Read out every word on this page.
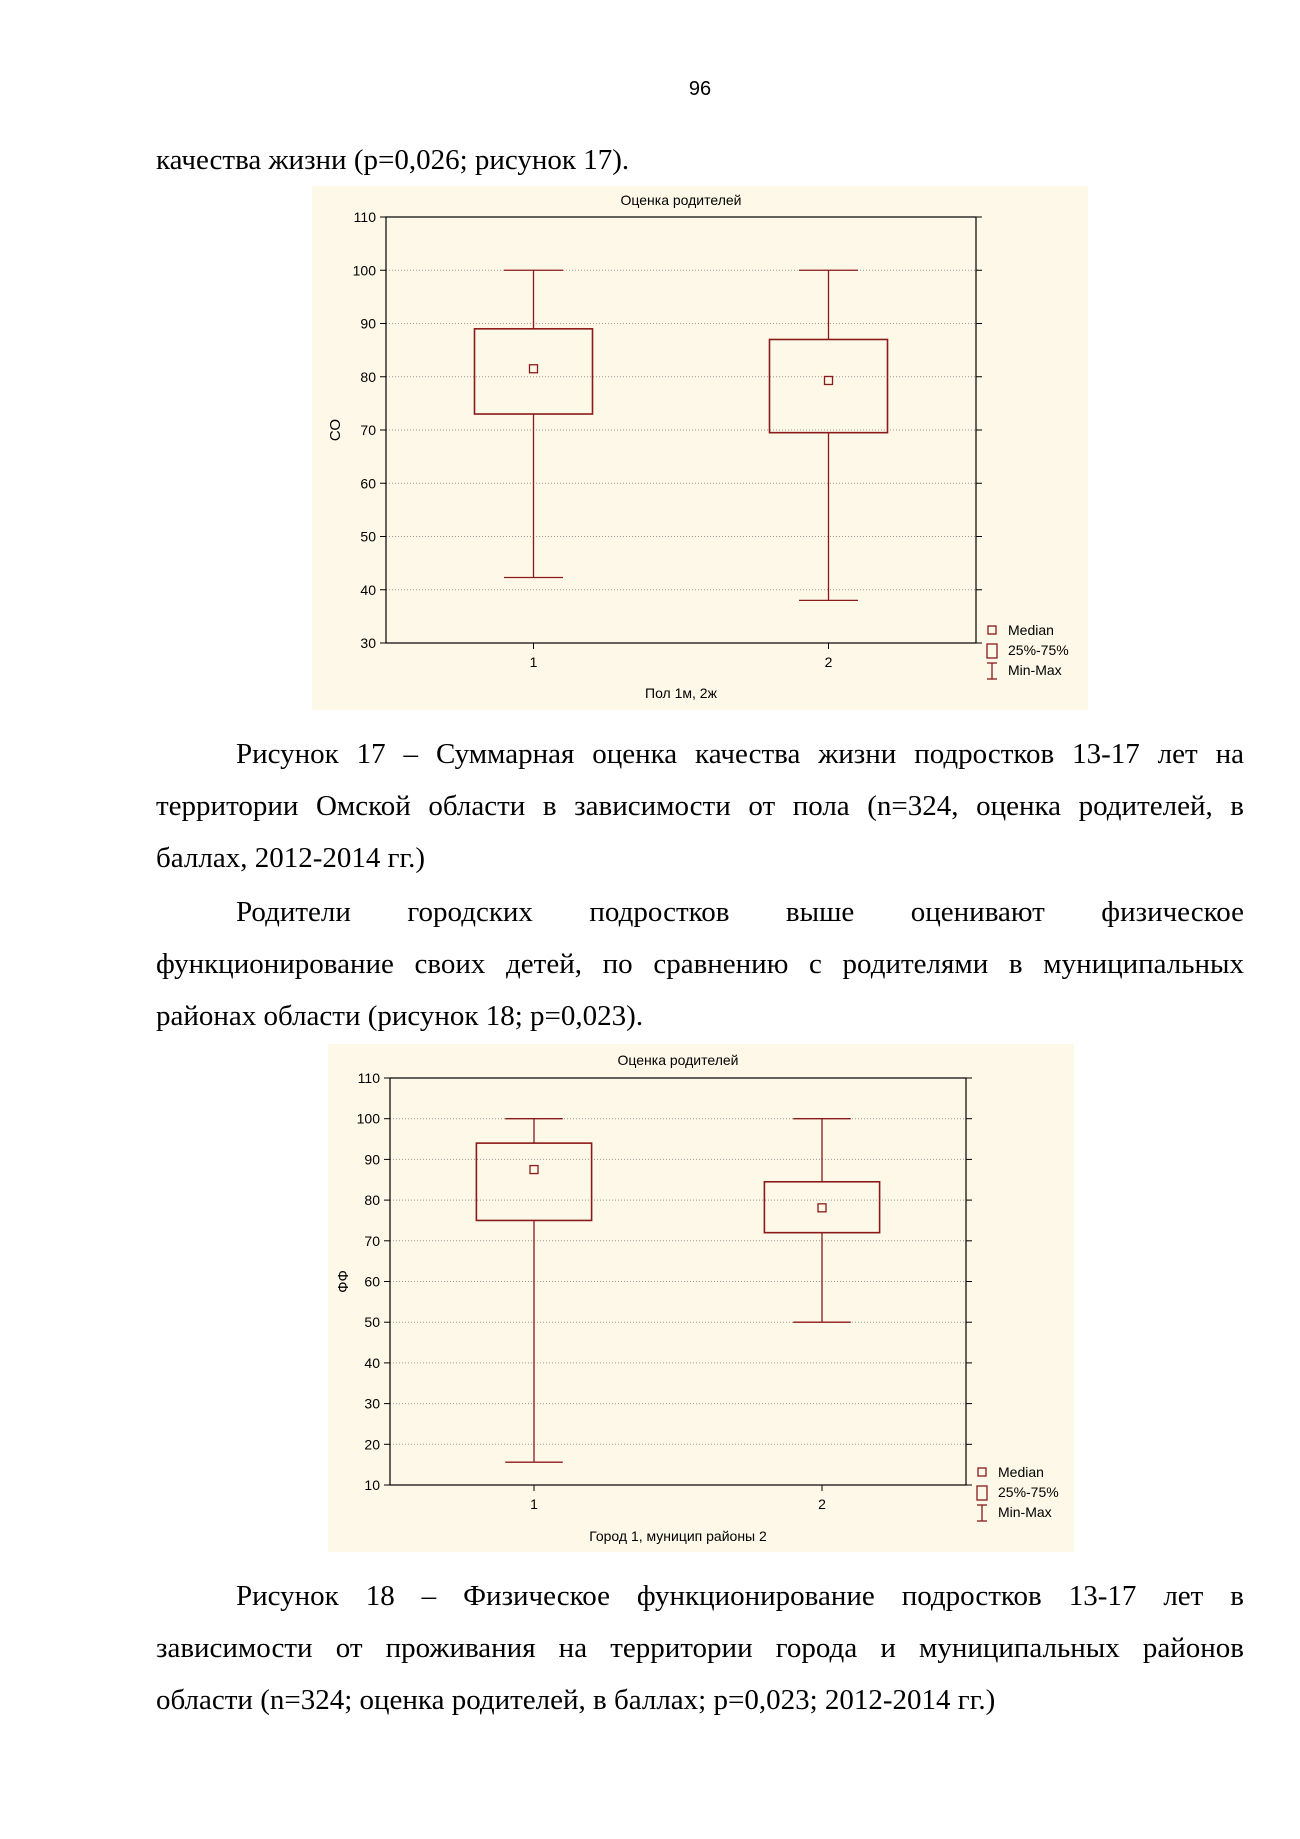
96

качества жизни (p=0,026; рисунок 17).

30
40
50
60
70
80
90
100
110
1	2
Оценка родителей
Пол 1м, 2ж
СО
Median
25%-75%
Min-Max

Рисунок 17 – Суммарная оценка качества жизни подростков 13-17 лет на
территории Омской области в зависимости от пола (n=324, оценка родителей, в
баллах, 2012-2014 гг.)

Родители городских подростков выше оценивают физическое
функционирование своих детей, по сравнению с родителями в муниципальных
районах области (рисунок 18; p=0,023).

10
20
30
40
50
60
70
80
90
100
110
1	2
Оценка родителей
Город 1, муницип районы 2
ФФ
Median
25%-75%
Min-Max

Рисунок 18 – Физическое функционирование подростков 13-17 лет в
зависимости от проживания на территории города и муниципальных районов
области (n=324; оценка родителей, в баллах; p=0,023; 2012-2014 гг.)
